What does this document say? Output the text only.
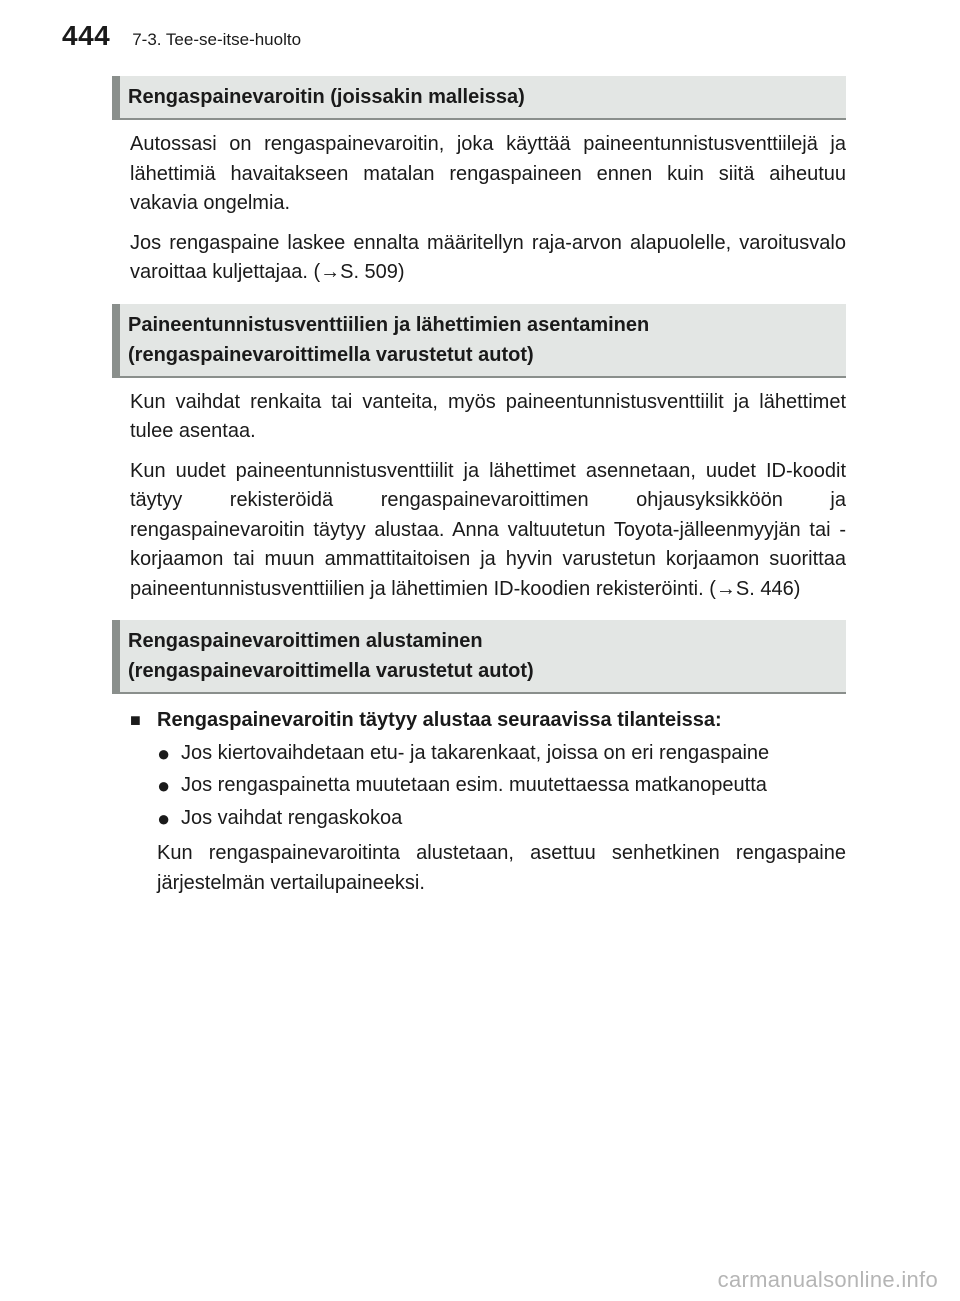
444 7-3. Tee-se-itse-huolto
Rengaspainevaroitin (joissakin malleissa)

Autossasi on rengaspainevaroitin, joka käyttää paineentunnistusventtiilejä ja lähettimiä havaitakseen matalan rengaspaineen ennen kuin siitä aiheutuu vakavia ongelmia.

Jos rengaspaine laskee ennalta määritellyn raja-arvon alapuolelle, varoitusvalo varoittaa kuljettajaa. (→S. 509)

Paineentunnistusventtiilien ja lähettimien asentaminen
(rengaspainevaroittimella varustetut autot)

Kun vaihdat renkaita tai vanteita, myös paineentunnistusventtiilit ja lähettimet tulee asentaa.

Kun uudet paineentunnistusventtiilit ja lähettimet asennetaan, uudet ID-koodit täytyy rekisteröidä rengaspainevaroittimen ohjausyksikköön ja rengaspainevaroitin täytyy alustaa. Anna valtuutetun Toyota-jälleenmyyjän tai -korjaamon tai muun ammattitaitoisen ja hyvin varustetun korjaamon suorittaa paineentunnistusventtiilien ja lähettimien ID-koodien rekisteröinti. (→S. 446)

Rengaspainevaroittimen alustaminen
(rengaspainevaroittimella varustetut autot)
■ Rengaspainevaroitin täytyy alustaa seuraavissa tilanteissa:
● Jos kiertovaihdetaan etu- ja takarenkaat, joissa on eri rengaspaine
● Jos rengaspainetta muutetaan esim. muutettaessa matkanopeutta
● Jos vaihdat rengaskokoa

Kun rengaspainevaroitinta alustetaan, asettuu senhetkinen rengaspaine järjestelmän vertailupaineeksi.

carmanualsonline.info
